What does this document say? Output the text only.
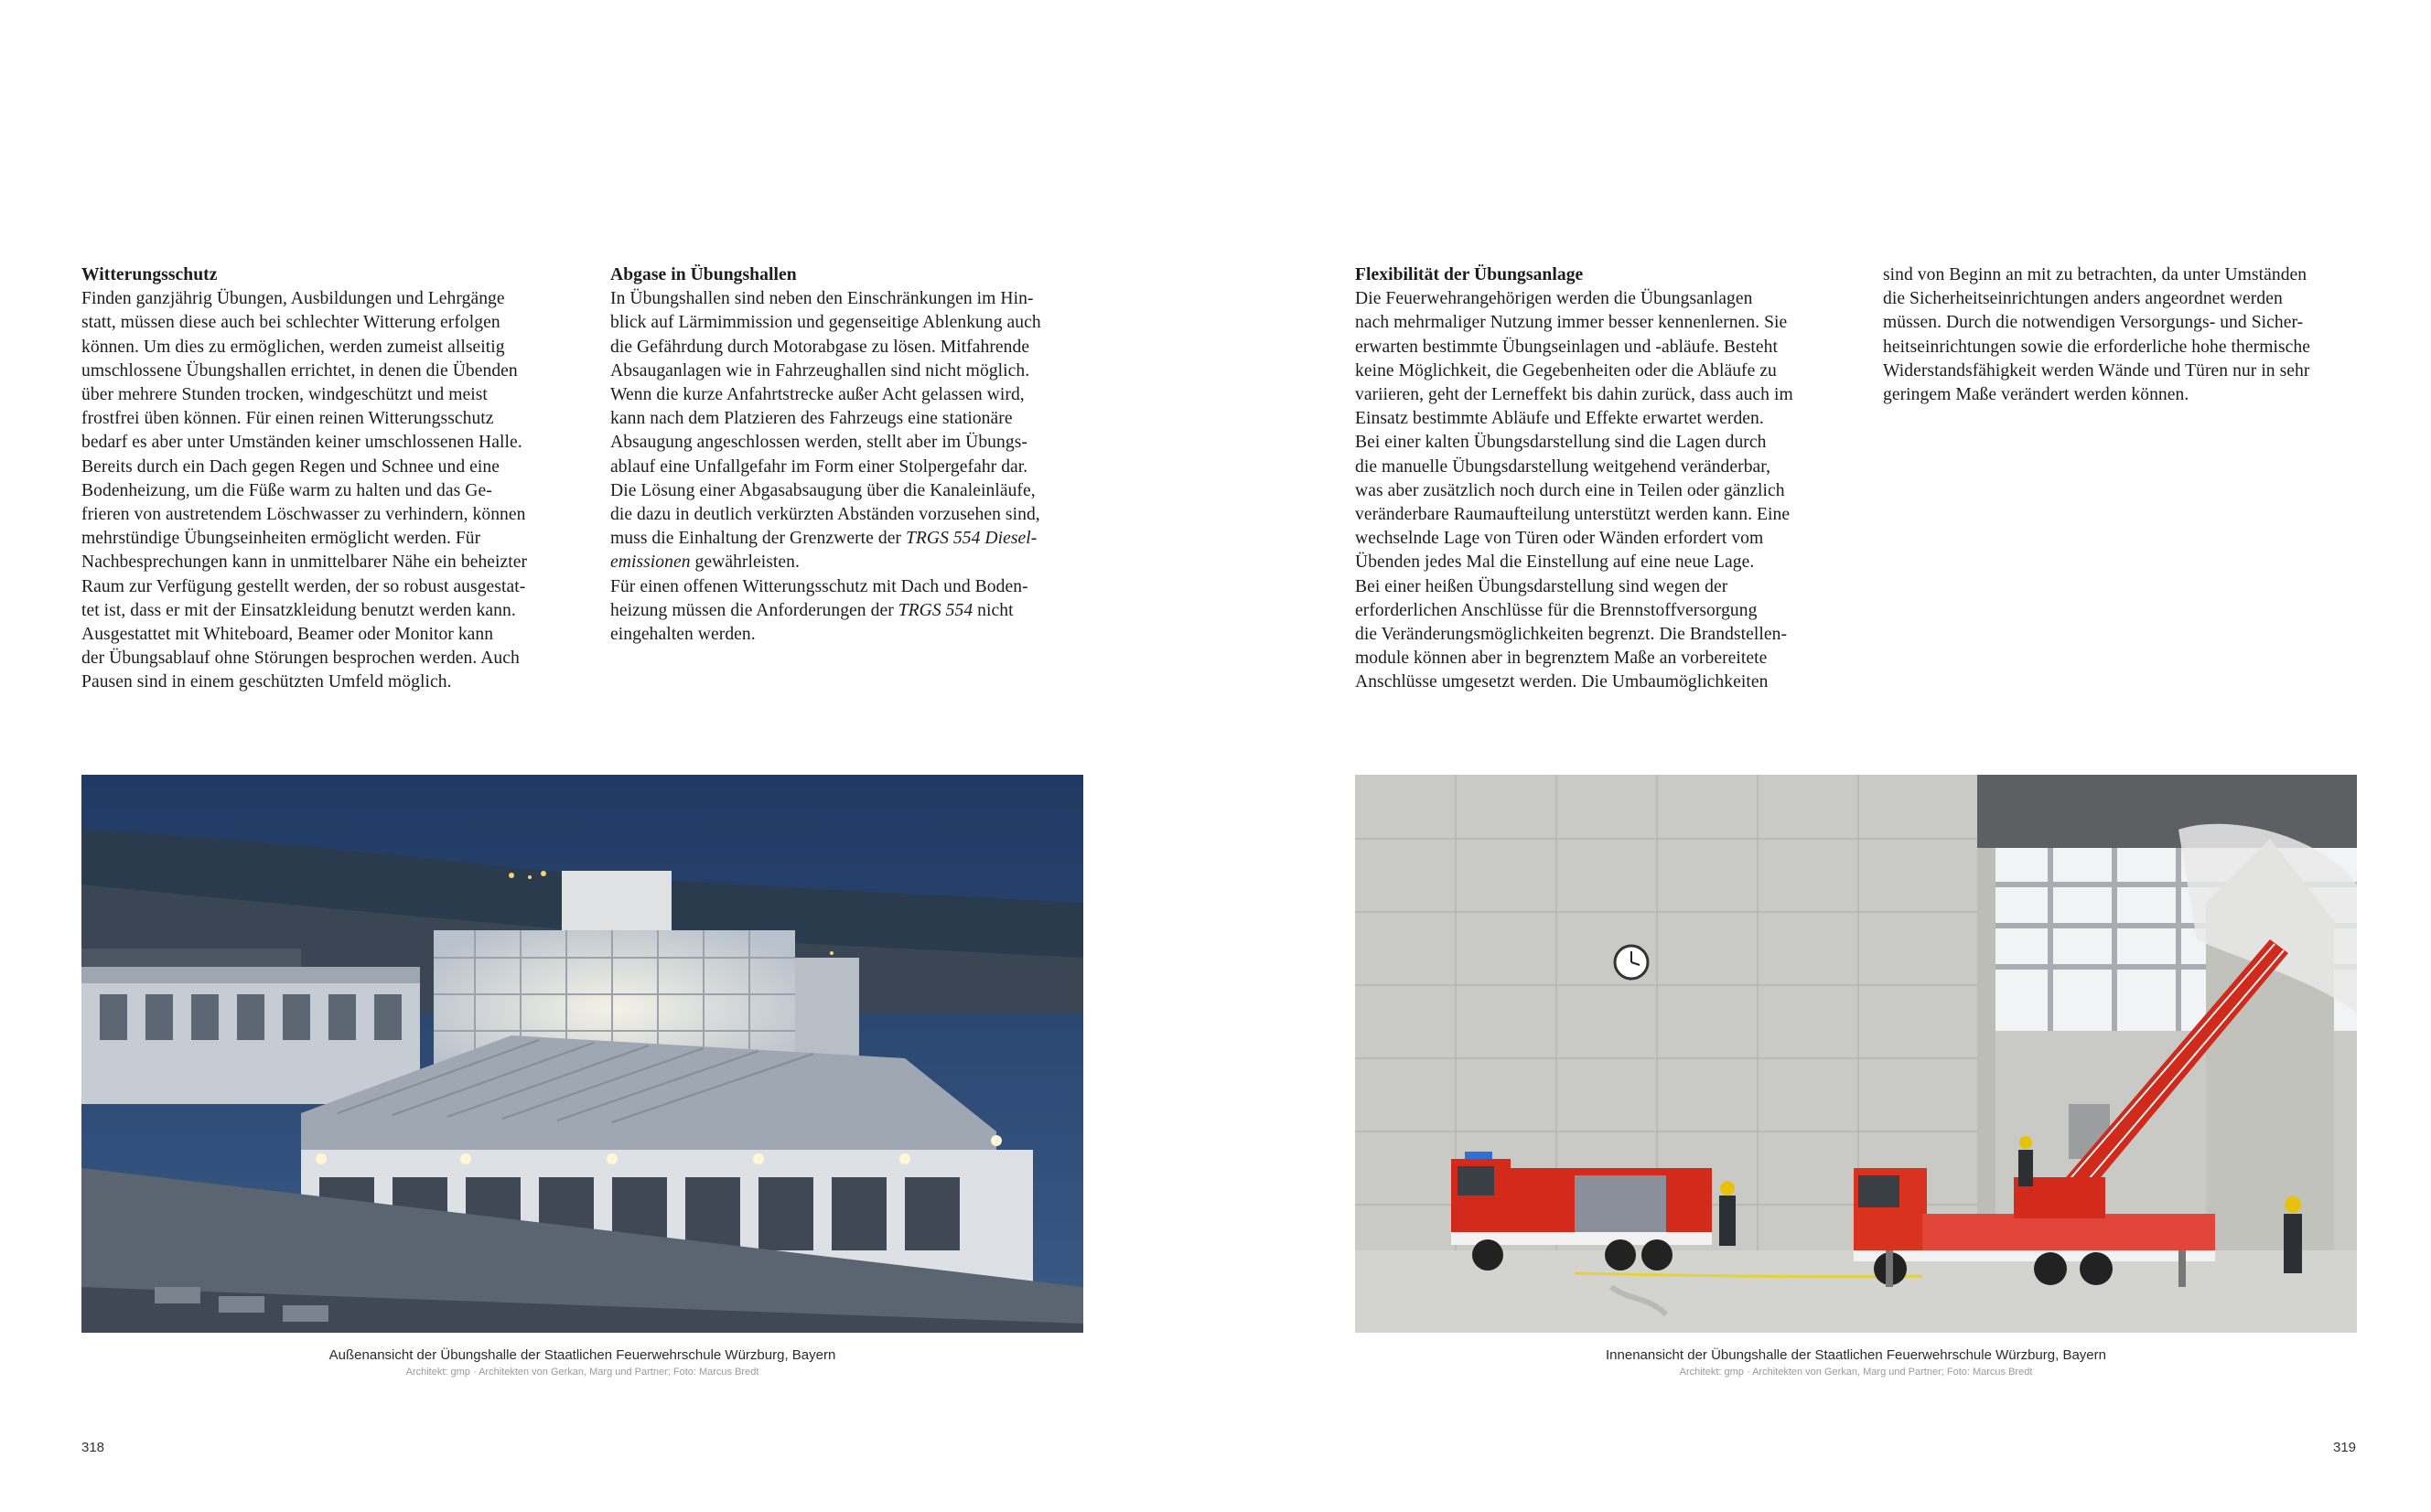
Witterungsschutz

Finden ganzjährig Übungen, Ausbildungen und Lehrgänge
statt, müssen diese auch bei schlechter Witterung erfolgen
können. Um dies zu ermöglichen, werden zumeist allseitig
umschlossene Übungshallen errichtet, in denen die Übenden
über mehrere Stunden trocken, windgeschützt und meist
frostfrei üben können. Für einen reinen Witterungsschutz
bedarf es aber unter Umständen keiner umschlossenen Halle.
Bereits durch ein Dach gegen Regen und Schnee und eine
Bodenheizung, um die Füße warm zu halten und das Ge-
frieren von austretendem Löschwasser zu verhindern, können
mehrstündige Übungseinheiten ermöglicht werden. Für
Nachbesprechungen kann in unmittelbarer Nähe ein beheizter
Raum zur Verfügung gestellt werden, der so robust ausgestat-
tet ist, dass er mit der Einsatzkleidung benutzt werden kann.
Ausgestattet mit Whiteboard, Beamer oder Monitor kann
der Übungsablauf ohne Störungen besprochen werden. Auch
Pausen sind in einem geschützten Umfeld möglich.

Abgase in Übungshallen

In Übungshallen sind neben den Einschränkungen im Hin-
blick auf Lärmimmission und gegenseitige Ablenkung auch
die Gefährdung durch Motorabgase zu lösen. Mitfahrende
Absauganlagen wie in Fahrzeughallen sind nicht möglich.
Wenn die kurze Anfahrtstrecke außer Acht gelassen wird,
kann nach dem Platzieren des Fahrzeugs eine stationäre
Absaugung angeschlossen werden, stellt aber im Übungs-
ablauf eine Unfallgefahr im Form einer Stolpergefahr dar.
Die Lösung einer Abgasabsaugung über die Kanaleinläufe,
die dazu in deutlich verkürzten Abständen vorzusehen sind,
muss die Einhaltung der Grenzwerte der TRGS 554 Diesel-
emissionen gewährleisten.
Für einen offenen Witterungsschutz mit Dach und Boden-
heizung müssen die Anforderungen der TRGS 554 nicht
eingehalten werden.

Flexibilität der Übungsanlage

Die Feuerwehrangehörigen werden die Übungsanlagen
nach mehrmaliger Nutzung immer besser kennenlernen. Sie
erwarten bestimmte Übungseinlagen und -abläufe. Besteht
keine Möglichkeit, die Gegebenheiten oder die Abläufe zu
variieren, geht der Lerneffekt bis dahin zurück, dass auch im
Einsatz bestimmte Abläufe und Effekte erwartet werden.
Bei einer kalten Übungsdarstellung sind die Lagen durch
die manuelle Übungsdarstellung weitgehend veränderbar,
was aber zusätzlich noch durch eine in Teilen oder gänzlich
veränderbare Raumaufteilung unterstützt werden kann. Eine
wechselnde Lage von Türen oder Wänden erfordert vom
Übenden jedes Mal die Einstellung auf eine neue Lage.
Bei einer heißen Übungsdarstellung sind wegen der
erforderlichen Anschlüsse für die Brennstoffversorgung
die Veränderungsmöglichkeiten begrenzt. Die Brandstellen-
module können aber in begrenztem Maße an vorbereitete
Anschlüsse umgesetzt werden. Die Umbaumöglichkeiten

sind von Beginn an mit zu betrachten, da unter Umständen
die Sicherheitseinrichtungen anders angeordnet werden
müssen. Durch die notwendigen Versorgungs- und Sicher-
heitseinrichtungen sowie die erforderliche hohe thermische
Widerstandsfähigkeit werden Wände und Türen nur in sehr
geringem Maße verändert werden können.

Außenansicht der Übungshalle der Staatlichen Feuerwehrschule Würzburg, Bayern
Architekt: gmp · Architekten von Gerkan, Marg und Partner; Foto: Marcus Bredt
Innenansicht der Übungshalle der Staatlichen Feuerwehrschule Würzburg, Bayern
Architekt: gmp · Architekten von Gerkan, Marg und Partner; Foto: Marcus Bredt
318	319
